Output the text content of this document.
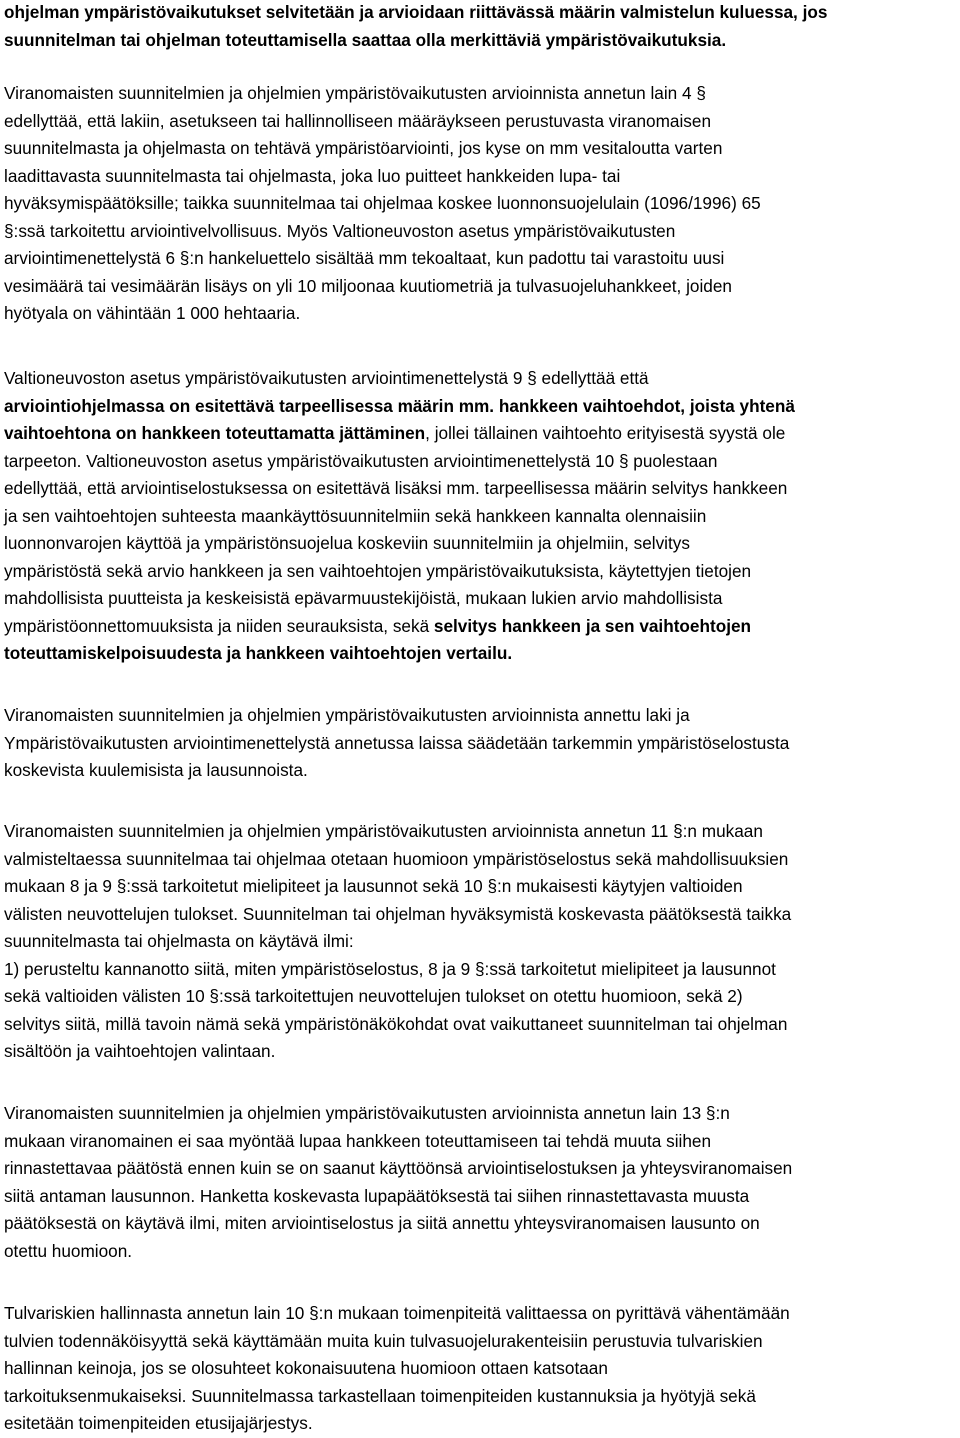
ohjelman ympäristövaikutukset selvitetään ja arvioidaan riittävässä määrin valmistelun kuluessa, jos
suunnitelman tai ohjelman toteuttamisella saattaa olla merkittäviä ympäristövaikutuksia.
Viranomaisten suunnitelmien ja ohjelmien ympäristövaikutusten arvioinnista annetun lain 4 §
edellyttää, että lakiin, asetukseen tai hallinnolliseen määräykseen perustuvasta viranomaisen
suunnitelmasta ja ohjelmasta on tehtävä ympäristöarviointi, jos kyse on mm vesitaloutta varten
laadittavasta suunnitelmasta tai ohjelmasta, joka luo puitteet hankkeiden lupa- tai
hyväksymispäätöksille; taikka suunnitelmaa tai ohjelmaa koskee luonnonsuojelulain (1096/1996) 65
§:ssä tarkoitettu arviointivelvollisuus. Myös Valtioneuvoston asetus ympäristövaikutusten
arviointimenettelystä 6 §:n hankeluettelo sisältää mm tekoaltaat, kun padottu tai varastoitu uusi
vesimäärä tai vesimäärän lisäys on yli 10 miljoonaa kuutiometriä ja tulvasuojeluhankkeet, joiden
hyötyala on vähintään 1 000 hehtaaria.
Valtioneuvoston asetus ympäristövaikutusten arviointimenettelystä 9 § edellyttää että
arviointiohjelmassa on esitettävä tarpeellisessa määrin mm. hankkeen vaihtoehdot, joista yhtenä
vaihtoehtona on hankkeen toteuttamatta jättäminen, jollei tällainen vaihtoehto erityisestä syystä ole
tarpeeton. Valtioneuvoston asetus ympäristövaikutusten arviointimenettelystä 10 § puolestaan
edellyttää, että arviointiselostuksessa on esitettävä lisäksi mm. tarpeellisessa määrin selvitys hankkeen
ja sen vaihtoehtojen suhteesta maankäyttösuunnitelmiin sekä hankkeen kannalta olennaisiin
luonnonvarojen käyttöä ja ympäristönsuojelua koskeviin suunnitelmiin ja ohjelmiin, selvitys
ympäristöstä sekä arvio hankkeen ja sen vaihtoehtojen ympäristövaikutuksista, käytettyjen tietojen
mahdollisista puutteista ja keskeisistä epävarmuustekijöistä, mukaan lukien arvio mahdollisista
ympäristöonnettomuuksista ja niiden seurauksista, sekä selvitys hankkeen ja sen vaihtoehtojen
toteuttamiskelpoisuudesta ja hankkeen vaihtoehtojen vertailu.
Viranomaisten suunnitelmien ja ohjelmien ympäristövaikutusten arvioinnista annettu laki ja
Ympäristövaikutusten arviointimenettelystä annetussa laissa säädetään tarkemmin ympäristöselostusta
koskevista kuulemisista ja lausunnoista.
Viranomaisten suunnitelmien ja ohjelmien ympäristövaikutusten arvioinnista annetun 11 §:n mukaan
valmisteltaessa suunnitelmaa tai ohjelmaa otetaan huomioon ympäristöselostus sekä mahdollisuuksien
mukaan 8 ja 9 §:ssä tarkoitetut mielipiteet ja lausunnot sekä 10 §:n mukaisesti käytyjen valtioiden
välisten neuvottelujen tulokset. Suunnitelman tai ohjelman hyväksymistä koskevasta päätöksestä taikka
suunnitelmasta tai ohjelmasta on käytävä ilmi:
1) perusteltu kannanotto siitä, miten ympäristöselostus, 8 ja 9 §:ssä tarkoitetut mielipiteet ja lausunnot
sekä valtioiden välisten 10 §:ssä tarkoitettujen neuvottelujen tulokset on otettu huomioon, sekä 2)
selvitys siitä, millä tavoin nämä sekä ympäristönäkökohdat ovat vaikuttaneet suunnitelman tai ohjelman
sisältöön ja vaihtoehtojen valintaan.
Viranomaisten suunnitelmien ja ohjelmien ympäristövaikutusten arvioinnista annetun lain 13 §:n
mukaan viranomainen ei saa myöntää lupaa hankkeen toteuttamiseen tai tehdä muuta siihen
rinnastettavaa päätöstä ennen kuin se on saanut käyttöönsä arviointiselostuksen ja yhteysviranomaisen
siitä antaman lausunnon. Hanketta koskevasta lupapäätöksestä tai siihen rinnastettavasta muusta
päätöksestä on käytävä ilmi, miten arviointiselostus ja siitä annettu yhteysviranomaisen lausunto on
otettu huomioon.
Tulvariskien hallinnasta annetun lain 10 §:n mukaan toimenpiteitä valittaessa on pyrittävä vähentämään
tulvien todennäköisyyttä sekä käyttämään muita kuin tulvasuojelurakenteisiin perustuvia tulvariskien
hallinnan keinoja, jos se olosuhteet kokonaisuutena huomioon ottaen katsotaan
tarkoituksenmukaiseksi. Suunnitelmassa tarkastellaan toimenpiteiden kustannuksia ja hyötyjä sekä
esitetään toimenpiteiden etusijajärjestys.
